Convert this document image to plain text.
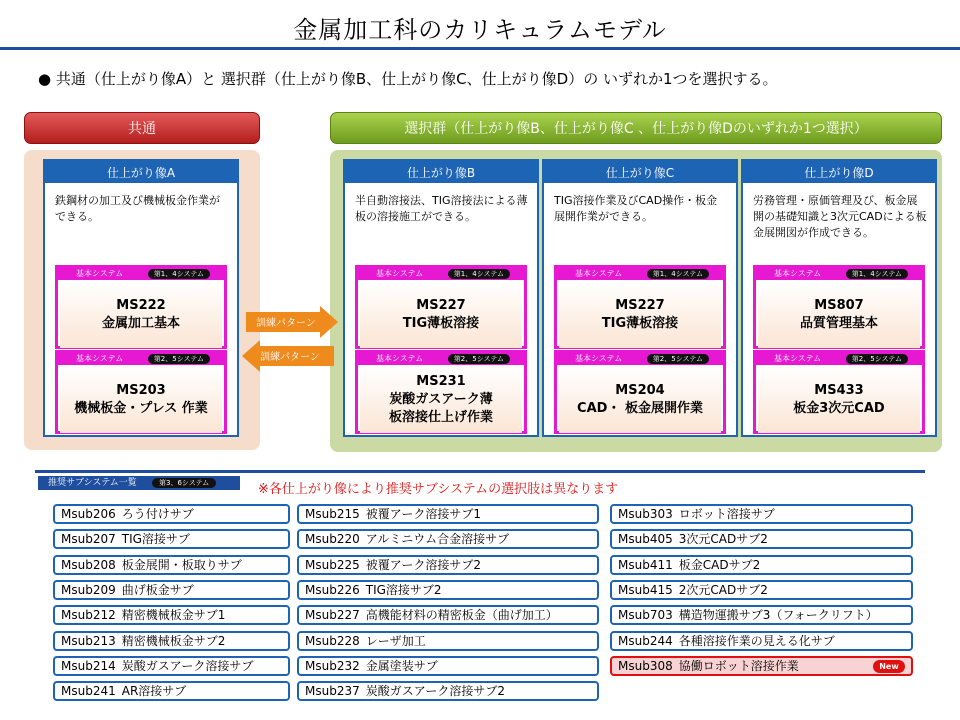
金属加工科のカリキュラムモデル
● 共通（仕上がり像A）と 選択群（仕上がり像B、仕上がり像C、仕上がり像D）の いずれか1つを選択する。
共通	選択群（仕上がり像B、仕上がり像C 、仕上がり像Dのいずれか1つ選択）
仕上がり像A
鉄鋼材の加工及び機械板金作業ができる。
基本システム	第1、4システム
MS222
金属加工基本
基本システム	第2、5システム
MS203
機械板金・プレス 作業
仕上がり像B
半自動溶接法、TIG溶接法による薄板の溶接施工ができる。
基本システム	第1、4システム
MS227
TIG薄板溶接
基本システム	第2、5システム
MS231
炭酸ガスアーク薄板溶接仕上げ作業
仕上がり像C
TIG溶接作業及びCAD操作・板金展開作業ができる。
基本システム	第1、4システム
MS227
TIG薄板溶接
基本システム	第2、5システム
MS204
CAD・ 板金展開作業
仕上がり像D
労務管理・原価管理及び、板金展開の基礎知識と3次元CADによる板金展開図が作成できる。
基本システム	第1、4システム
MS807
品質管理基本
基本システム	第2、5システム
MS433
板金3次元CAD
訓練パターン
訓練パターン
推奨サブシステム一覧	第3、6システム	※各仕上がり像により推奨サブシステムの選択肢は異なります
Msub206 ろう付けサブ
Msub207 TIG溶接サブ
Msub208 板金展開・板取りサブ
Msub209 曲げ板金サブ
Msub212 精密機械板金サブ1
Msub213 精密機械板金サブ2
Msub214 炭酸ガスアーク溶接サブ
Msub241 AR溶接サブ
Msub215 被覆アーク溶接サブ1
Msub220 アルミニウム合金溶接サブ
Msub225 被覆アーク溶接サブ2
Msub226 TIG溶接サブ2
Msub227 高機能材料の精密板金（曲げ加工）
Msub228 レーザ加工
Msub232 金属塗装サブ
Msub237 炭酸ガスアーク溶接サブ2
Msub303 ロボット溶接サブ
Msub405 3次元CADサブ2
Msub411 板金CADサブ2
Msub415 2次元CADサブ2
Msub703 構造物運搬サブ3（フォークリフト）
Msub244 各種溶接作業の見える化サブ
Msub308 協働ロボット溶接作業	New
